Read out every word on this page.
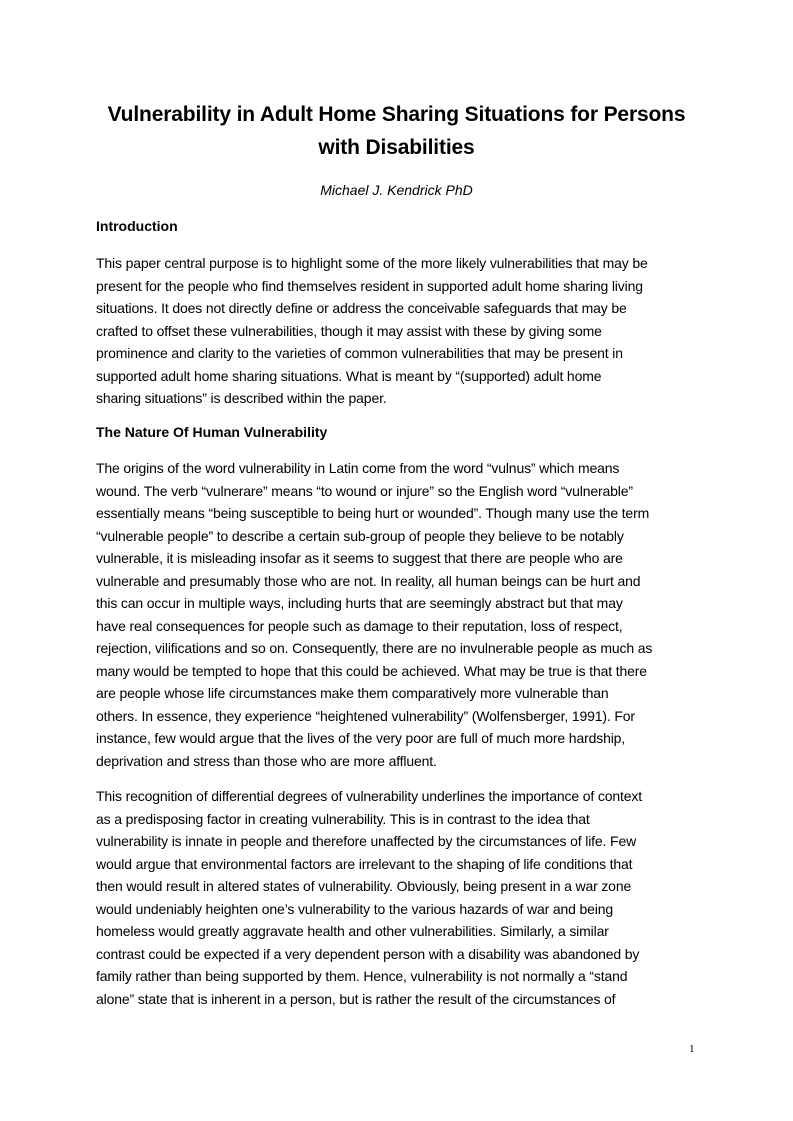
Vulnerability in Adult Home Sharing Situations for Persons
with Disabilities
Michael J. Kendrick PhD
Introduction
This paper central purpose is to highlight some of the more likely vulnerabilities that may be
present for the people who find themselves resident in supported adult home sharing living
situations. It does not directly define or address the conceivable safeguards that may be
crafted to offset these vulnerabilities, though it may assist with these by giving some
prominence and clarity to the varieties of common vulnerabilities that may be present in
supported adult home sharing situations. What is meant by “(supported) adult home
sharing situations” is described within the paper.
The Nature Of Human Vulnerability
The origins of the word vulnerability in Latin come from the word “vulnus” which means
wound. The verb “vulnerare” means “to wound or injure” so the English word “vulnerable”
essentially means “being susceptible to being hurt or wounded”. Though many use the term
“vulnerable people” to describe a certain sub-group of people they believe to be notably
vulnerable, it is misleading insofar as it seems to suggest that there are people who are
vulnerable and presumably those who are not. In reality, all human beings can be hurt and
this can occur in multiple ways, including hurts that are seemingly abstract but that may
have real consequences for people such as damage to their reputation, loss of respect,
rejection, vilifications and so on. Consequently, there are no invulnerable people as much as
many would be tempted to hope that this could be achieved. What may be true is that there
are people whose life circumstances make them comparatively more vulnerable than
others. In essence, they experience “heightened vulnerability” (Wolfensberger, 1991). For
instance, few would argue that the lives of the very poor are full of much more hardship,
deprivation and stress than those who are more affluent.
This recognition of differential degrees of vulnerability underlines the importance of context
as a predisposing factor in creating vulnerability. This is in contrast to the idea that
vulnerability is innate in people and therefore unaffected by the circumstances of life. Few
would argue that environmental factors are irrelevant to the shaping of life conditions that
then would result in altered states of vulnerability. Obviously, being present in a war zone
would undeniably heighten one’s vulnerability to the various hazards of war and being
homeless would greatly aggravate health and other vulnerabilities. Similarly, a similar
contrast could be expected if a very dependent person with a disability was abandoned by
family rather than being supported by them. Hence, vulnerability is not normally a “stand
alone” state that is inherent in a person, but is rather the result of the circumstances of
1
